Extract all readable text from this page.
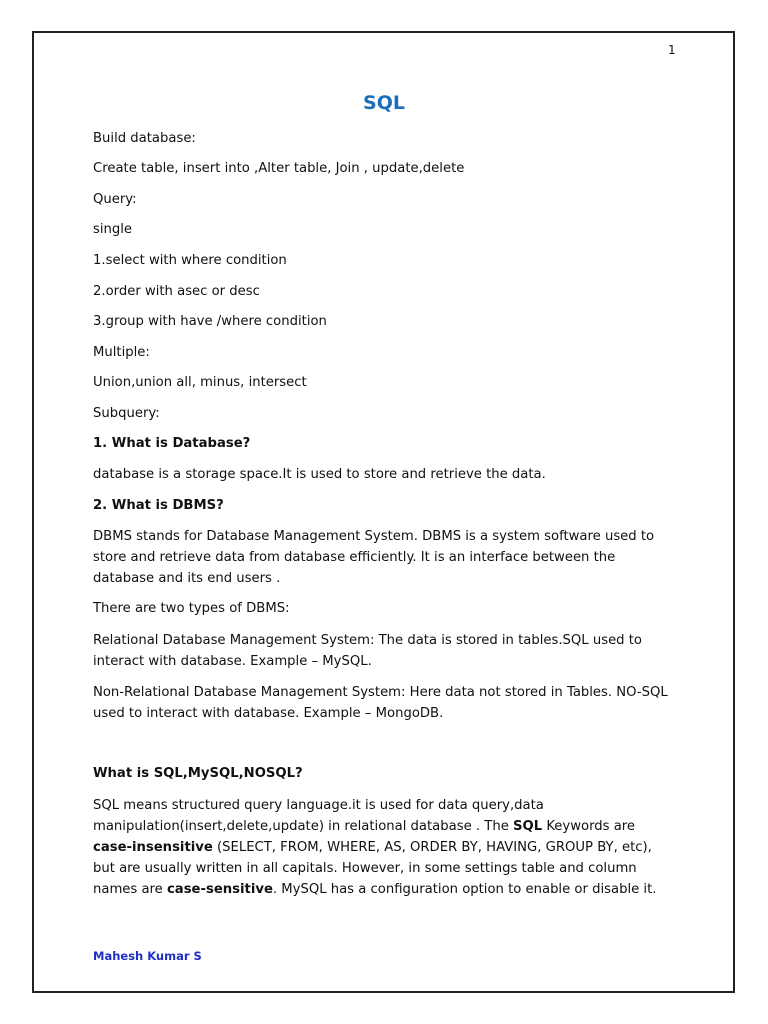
1
SQL
Build database:
Create table, insert into ,Alter table, Join , update,delete
Query:
single
1.select with where condition
2.order with asec or desc
3.group with have /where condition
Multiple:
Union,union all, minus, intersect
Subquery:
1. What is Database?
database is a storage space.It is used to store and retrieve the data.
2. What is DBMS?
DBMS stands for Database Management System. DBMS is a system software used to store and retrieve data from database efficiently. It is an interface between the database and its end users .
There are two types of DBMS:
Relational Database Management System: The data is stored in tables.SQL used to interact with database. Example – MySQL.
Non-Relational Database Management System: Here data not stored in Tables. NO-SQL used to interact with database. Example – MongoDB.
What is SQL,MySQL,NOSQL?
SQL means structured query language.it is used for data query,data manipulation(insert,delete,update) in relational database . The SQL Keywords are case-insensitive (SELECT, FROM, WHERE, AS, ORDER BY, HAVING, GROUP BY, etc), but are usually written in all capitals. However, in some settings table and column names are case-sensitive. MySQL has a configuration option to enable or disable it.
Mahesh Kumar S
